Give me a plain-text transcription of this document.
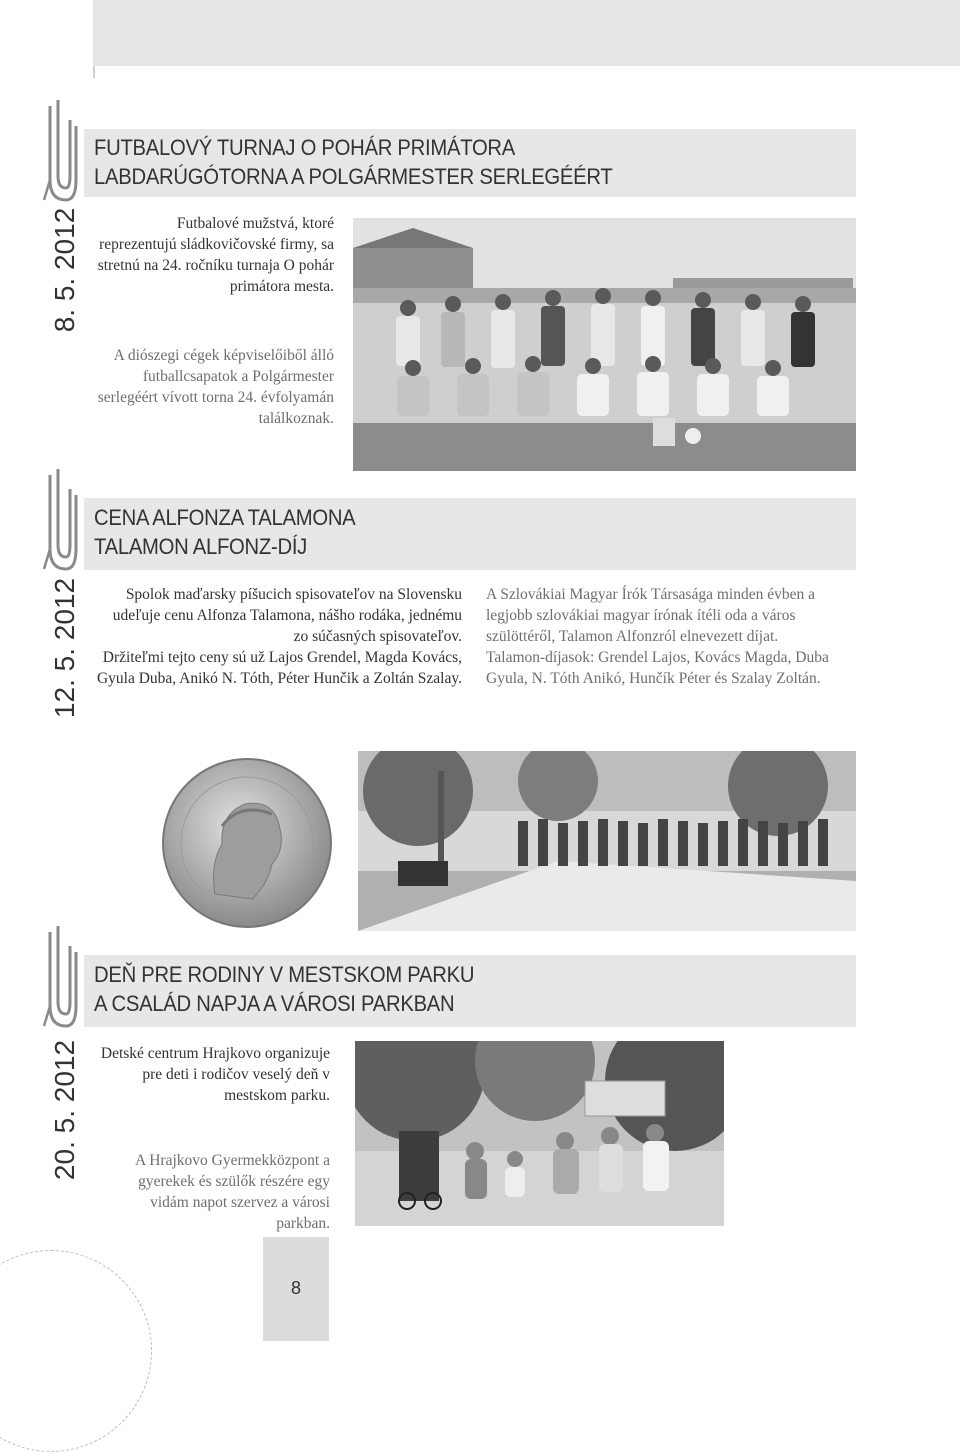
FUTBALOVÝ TURNAJ O POHÁR PRIMÁTORA
LABDARÚGÓTORNA A POLGÁRMESTER SERLEGÉÉRT
8. 5. 2012	Futbalové mužstvá, ktoré reprezentujú sládkovičovské firmy, sa stretnú na 24. ročníku turnaja O pohár primátora mesta.
A diószegi cégek képviselőiből álló futballcsapatok a Polgármester serlegéért vívott torna 24. évfolyamán találkoznak.
CENA ALFONZA TALAMONA
TALAMON ALFONZ-DÍJ
12. 5. 2012	Spolok maďarsky píšucich spisovateľov na Slovensku udeľuje cenu Alfonza Talamona, nášho rodáka, jednému zo súčasných spisovateľov.

Držiteľmi tejto ceny sú už Lajos Grendel, Magda Kovács, Gyula Duba, Anikó N. Tóth, Péter Hunčik a Zoltán Szalay.

A Szlovákiai Magyar Írók Társasága minden évben a legjobb szlovákiai magyar írónak ítéli oda a város szülöttéről, Talamon Alfonzról elnevezett díjat.

Talamon-díjasok: Grendel Lajos, Kovács Magda, Duba Gyula, N. Tóth Anikó, Hunčík Péter és Szalay Zoltán.

DEŇ PRE RODINY V MESTSKOM PARKU
A CSALÁD NAPJA A VÁROSI PARKBAN
20. 5. 2012	Detské centrum Hrajkovo organizuje pre deti i rodičov veselý deň v mestskom parku.
A Hrajkovo Gyermekközpont a gyerekek és szülők részére egy vidám napot szervez a városi parkban.
8
